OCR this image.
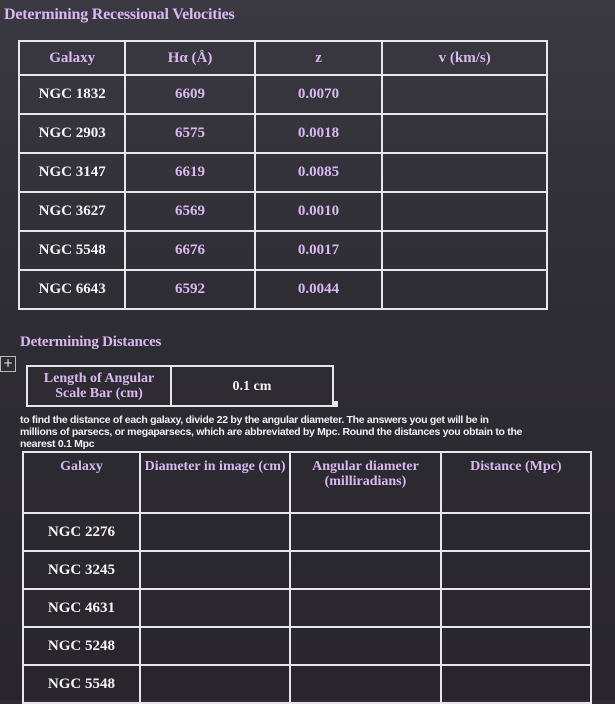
Determining Recessional Velocities
Galaxy	Hα (Å)	z	v (km/s)
NGC 1832	6609	0.0070	
NGC 2903	6575	0.0018	
NGC 3147	6619	0.0085	
NGC 3627	6569	0.0010	
NGC 5548	6676	0.0017	
NGC 6643	6592	0.0044	
Determining Distances
+
Length of Angular
Scale Bar (cm)	0.1 cm
to find the distance of each galaxy, divide 22 by the angular diameter. The answers you get will be in
millions of parsecs, or megaparsecs, which are abbreviated by Mpc. Round the distances you obtain to the
nearest 0.1 Mpc
Galaxy	Diameter in image (cm)	Angular diameter (milliradians)	Distance (Mpc)
NGC 2276			
NGC 3245			
NGC 4631			
NGC 5248			
NGC 5548			
